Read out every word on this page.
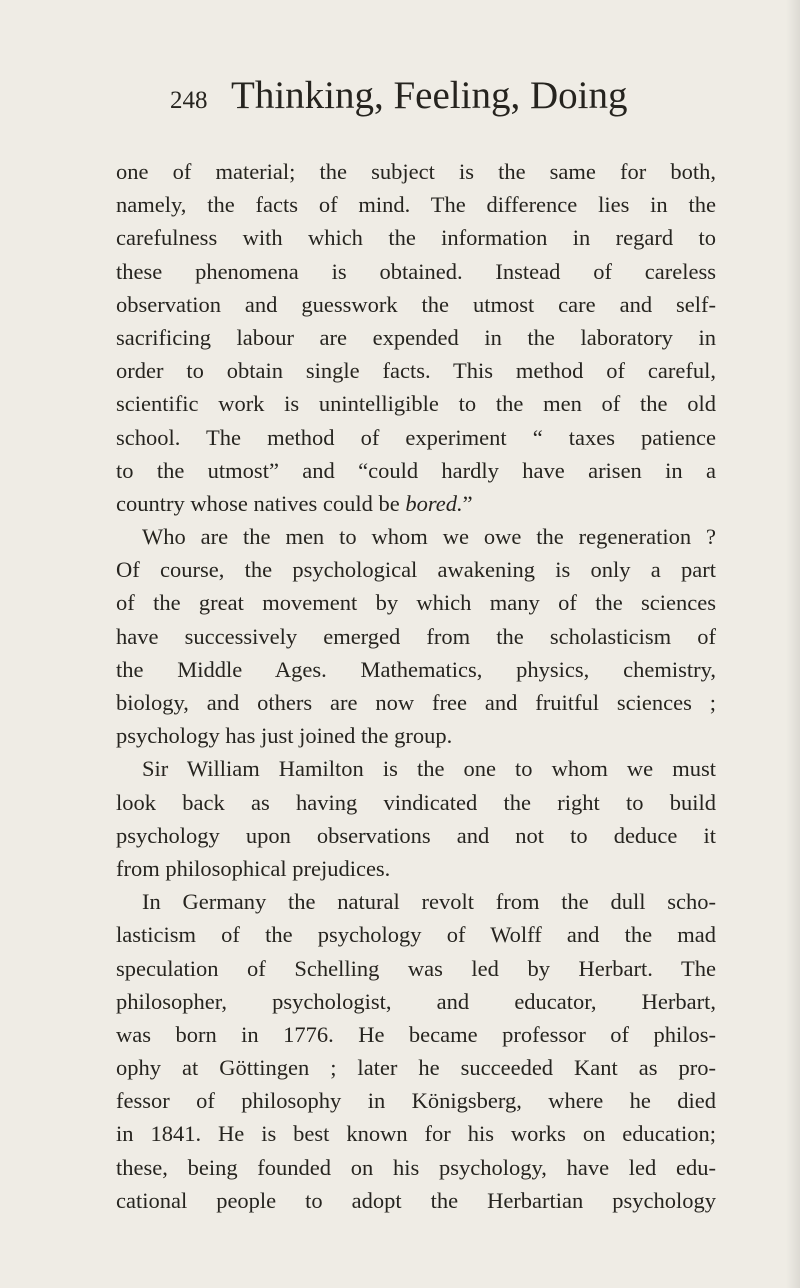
248 Thinking, Feeling, Doing
one of material; the subject is the same for both,
namely, the facts of mind. The difference lies in the
carefulness with which the information in regard to
these phenomena is obtained. Instead of careless
observation and guesswork the utmost care and self-
sacrificing labour are expended in the laboratory in
order to obtain single facts. This method of careful,
scientific work is unintelligible to the men of the old
school. The method of experiment “ taxes patience
to the utmost” and “could hardly have arisen in a
country whose natives could be bored.”
Who are the men to whom we owe the regeneration ?
Of course, the psychological awakening is only a part
of the great movement by which many of the sciences
have successively emerged from the scholasticism of
the Middle Ages. Mathematics, physics, chemistry,
biology, and others are now free and fruitful sciences ;
psychology has just joined the group.
Sir William Hamilton is the one to whom we must
look back as having vindicated the right to build
psychology upon observations and not to deduce it
from philosophical prejudices.
In Germany the natural revolt from the dull scho-
lasticism of the psychology of Wolff and the mad
speculation of Schelling was led by Herbart. The
philosopher, psychologist, and educator, Herbart,
was born in 1776. He became professor of philos-
ophy at Göttingen ; later he succeeded Kant as pro-
fessor of philosophy in Königsberg, where he died
in 1841. He is best known for his works on education;
these, being founded on his psychology, have led edu-
cational people to adopt the Herbartian psychology
